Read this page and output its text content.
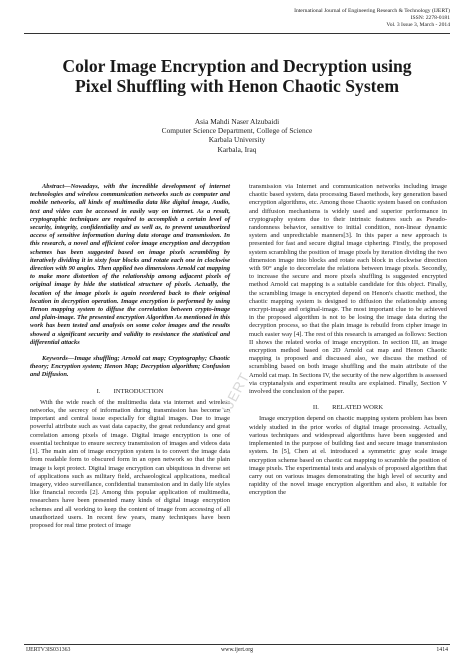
International Journal of Engineering Research & Technology (IJERT)
ISSN: 2278-0181
Vol. 3 Issue 3, March - 2014
Color Image Encryption and Decryption using
Pixel Shuffling with Henon Chaotic System
Asia Mahdi Naser Alzubaidi
Computer Science Department, College of Science
Karbala University
Karbala, Iraq

Abstract—Nowadays, with the incredible development of internet technologies and wireless communication networks such as computer and mobile networks, all kinds of multimedia data like digital image, Audio, text and video can be accessed in easily way on internet. As a result, cryptographic techniques are required to accomplish a certain level of security, integrity, confidentiality and as well as, to prevent unauthorized access of sensitive information during data storage and transmission. In this research, a novel and efficient color image encryption and decryption schemes has been suggested based on image pixels scrambling by iteratively dividing it in sixty four blocks and rotate each one in clockwise direction with 90 angles. Then applied two dimensions Arnold cat mapping to make more distortion of the relationship among adjacent pixels of original image by hide the statistical structure of pixels. Actually, the location of the image pixels is again reordered back to their original location in decryption operation. Image encryption is performed by using Henon mapping system to diffuse the correlation between crypto-image and plain-image. The presented encryption Algorithm As mentioned in this work has been tested and analysis on some color images and the results showed a significant security and validity to resistance the statistical and differential attacks

Keywords—Image shuffling; Arnold cat map; Cryptography; Chaotic theory; Encryption system; Henon Map; Decryption algorithm; Confusion and Diffusion.

I.  INTRODUCTION

With the wide reach of the multimedia data via internet and wireless networks, the secrecy of information during transmission has become an important and central issue especially for digital images. Due to image powerful attribute such as vast data capacity, the great redundancy and great correlation among pixels of image. Digital image encryption is one of essential technique to ensure secrecy transmission of images and videos data [1]. The main aim of image encryption system is to convert the image data from readable form to obscured form in an open network so that the plain image is kept protect. Digital image encryption can ubiquitous in diverse set of applications such as military field, archaeological applications, medical imagery, video surveillance, confidential transmission and in daily life styles like financial records [2]. Among this popular application of multimedia, researchers have been presented many kinds of digital image encryption schemes and all working to keep the content of image from accessing of all unauthorized users. In recent few years, many techniques have been proposed for real time protect of image

transmission via Internet and communication networks including image chaotic based system, data processing Based methods, key generation based encryption algorithms, etc. Among those Chaotic system based on confusion and diffusion mechanisms is widely used and superior performance in cryptography system due to their intrinsic features such as Pseudo-randomness behavior, sensitive to initial condition, non-linear dynamic system and unpredictable manners[3]. In this paper a new approach is presented for fast and secure digital image ciphering. Firstly, the proposed system scrambling the position of image pixels by iteration dividing the two dimension image into blocks and rotate each block in clockwise direction with 90° angle to decorrelate the relations between image pixels. Secondly, to increase the secure and more pixels shuffling is suggested encrypted method Arnold cat mapping is a suitable candidate for this object. Finally, the scrambling image is encrypted depend on Henon's chaotic method, the chaotic mapping system is designed to diffusion the relationship among encrypt-image and original-image. The most important clue to be achieved in the proposed algorithm is not to be losing the image data during the decryption process, so that the plain image is rebuild from cipher image in much easier way [4]. The rest of this research is arranged as follows: Section II shows the related works of image encryption. In section III, an image encryption method based on 2D Arnold cat map and Henon Chaotic mapping is proposed and discussed also, we discuss the method of scrambling based on both image shuffling and the main attribute of the Arnold cat map. In Sections IV, the security of the new algorithm is assessed via cryptanalysis and experiment results are explained. Finally, Section V involved the conclusion of the paper.

II.  RELATED WORK

Image encryption depend on chaotic mapping system problem has been widely studied in the prior works of digital image processing. Actually, various techniques and widespread algorithms have been suggested and implemented in the purpose of building fast and secure image transmission system. In [5], Chen at el. introduced a symmetric gray scale image encryption scheme based on chaotic cat mapping to scramble the position of image pixels. The experimental tests and analysis of proposed algorithm that carry out on various images demonstrating the high level of security and rapidity of the novel image encryption algorithm and also, it suitable for encryption the

IJERT
IJERTV3IS031363	www.ijert.org	1414
